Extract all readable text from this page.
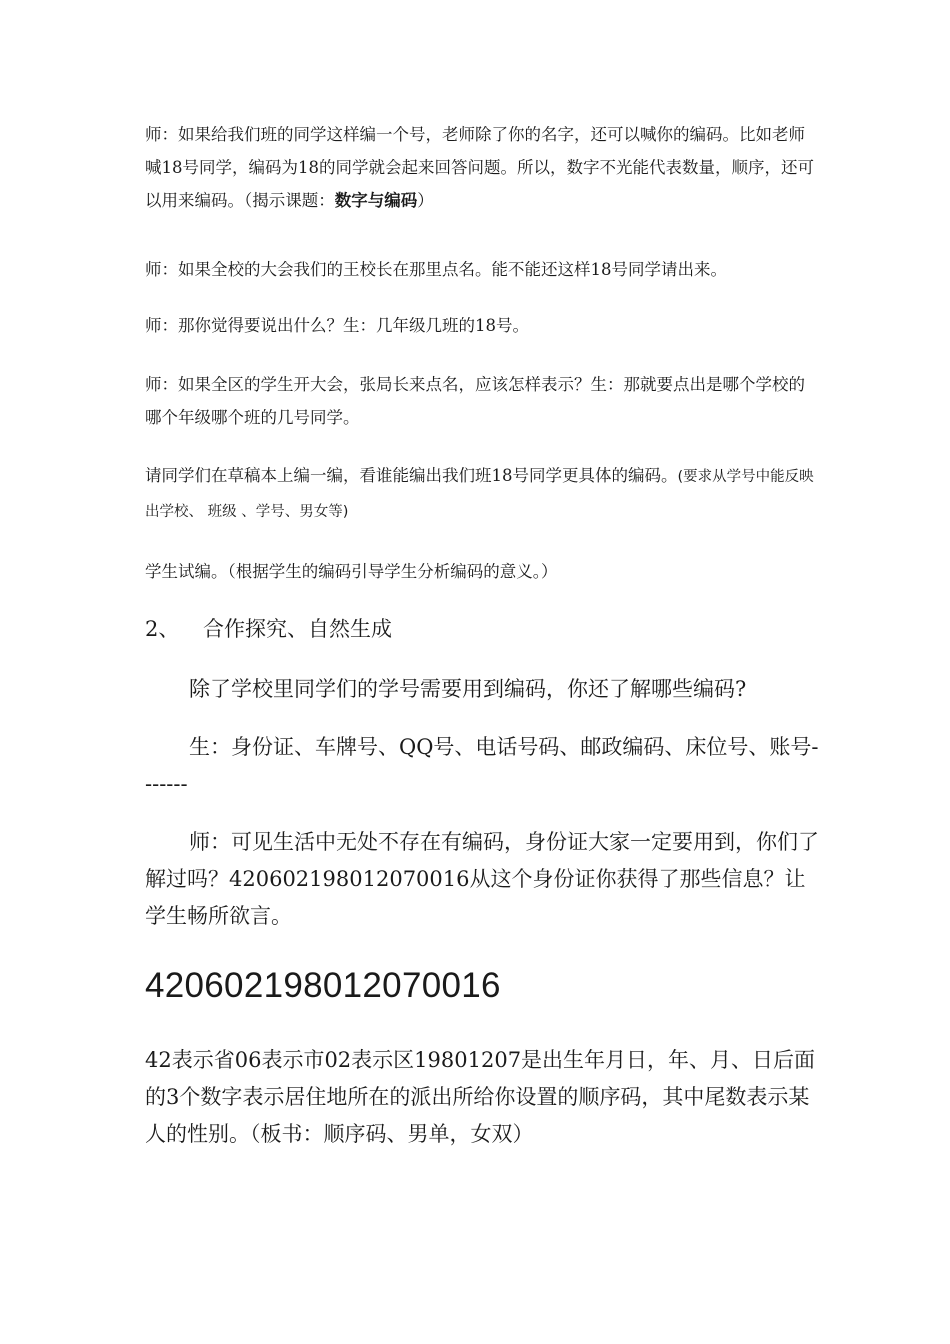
师：如果给我们班的同学这样编一个号，老师除了你的名字，还可以喊你的编码。比如老师喊18号同学，编码为18的同学就会起来回答问题。所以，数字不光能代表数量，顺序，还可以用来编码。（揭示课题：数字与编码）

师：如果全校的大会我们的王校长在那里点名。能不能还这样18号同学请出来。

师：那你觉得要说出什么？生：几年级几班的18号。

师：如果全区的学生开大会，张局长来点名，应该怎样表示？生：那就要点出是哪个学校的哪个年级哪个班的几号同学。

请同学们在草稿本上编一编，看谁能编出我们班18号同学更具体的编码。(要求从学号中能反映出学校、 班级 、学号、男女等)

学生试编。（根据学生的编码引导学生分析编码的意义。）

2、 合作探究、自然生成

除了学校里同学们的学号需要用到编码，你还了解哪些编码?

生：身份证、车牌号、QQ号、电话号码、邮政编码、床位号、账号-------

师：可见生活中无处不存在有编码，身份证大家一定要用到，你们了解过吗？420602198012070016从这个身份证你获得了那些信息？让学生畅所欲言。

420602198012070016

42表示省06表示市02表示区19801207是出生年月日，年、月、日后面的3个数字表示居住地所在的派出所给你设置的顺序码，其中尾数表示某人的性别。（板书：顺序码、男单，女双）
